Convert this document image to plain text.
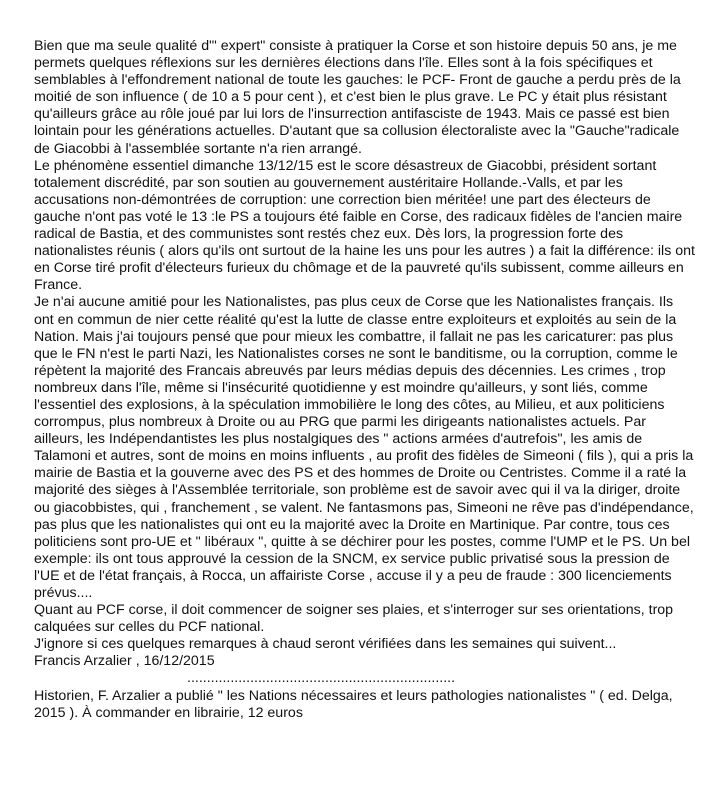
Bien que ma seule qualité d"' expert" consiste à pratiquer la Corse et son histoire depuis 50 ans, je me permets quelques réflexions sur les dernières élections dans l'île. Elles sont à la fois spécifiques et semblables à l'effondrement national de toute les gauches: le PCF- Front de gauche a perdu près de la moitié de son influence ( de 10 a 5 pour cent ), et c'est bien le plus grave. Le PC y était plus résistant qu'ailleurs grâce au rôle joué par lui lors de l'insurrection antifasciste de 1943. Mais ce passé est bien lointain pour les générations actuelles. D'autant que sa collusion électoraliste avec la "Gauche"radicale de Giacobbi à l'assemblée sortante n'a rien arrangé.

Le phénomène essentiel dimanche 13/12/15 est le score désastreux de Giacobbi, président sortant totalement discrédité, par son soutien au gouvernement austéritaire Hollande.-Valls, et par les accusations non-démontrées de corruption: une correction bien méritée! une part des électeurs de gauche n'ont pas voté le 13 :le PS a toujours été faible en Corse, des radicaux fidèles de l'ancien maire radical de Bastia, et des communistes sont restés chez eux. Dès lors, la progression forte des nationalistes réunis ( alors qu'ils ont surtout de la haine les uns pour les autres ) a fait la différence: ils ont en Corse tiré profit d'électeurs furieux du chômage et de la pauvreté qu'ils subissent, comme ailleurs en France.

Je n'ai aucune amitié pour les Nationalistes, pas plus ceux de Corse que les Nationalistes français. Ils ont en commun de nier cette réalité qu'est la lutte de classe entre exploiteurs et exploités au sein de la Nation. Mais j'ai toujours pensé que pour mieux les combattre, il fallait ne pas les caricaturer: pas plus que le FN n'est le parti Nazi, les Nationalistes corses ne sont le banditisme, ou la corruption, comme le répètent la majorité des Francais abreuvés par leurs médias depuis des décennies. Les crimes , trop nombreux dans l'île, même si l'insécurité quotidienne y est moindre qu'ailleurs, y sont liés, comme l'essentiel des explosions, à la spéculation immobilière le long des côtes, au Milieu, et aux politiciens corrompus, plus nombreux à Droite ou au PRG que parmi les dirigeants nationalistes actuels. Par ailleurs, les Indépendantistes les plus nostalgiques des " actions armées d'autrefois", les amis de Talamoni et autres, sont de moins en moins influents , au profit des fidèles de Simeoni ( fils ), qui a pris la mairie de Bastia et la gouverne avec des PS et des hommes de Droite ou Centristes. Comme il a raté la majorité des sièges à l'Assemblée territoriale, son problème est de savoir avec qui il va la diriger, droite ou giacobbistes, qui , franchement , se valent. Ne fantasmons pas, Simeoni ne rêve pas d'indépendance, pas plus que les nationalistes qui ont eu la majorité avec la Droite en Martinique. Par contre, tous ces politiciens sont pro-UE et " libéraux ", quitte à se déchirer pour les postes, comme l'UMP et le PS. Un bel exemple: ils ont tous approuvé la cession de la SNCM, ex service public privatisé sous la pression de l'UE et de l'état français, à Rocca, un affairiste Corse , accuse il y a peu de fraude : 300 licenciements prévus....

Quant au PCF corse, il doit commencer de soigner ses plaies, et s'interroger sur ses orientations, trop calquées sur celles du PCF national.

J'ignore si ces quelques remarques à chaud seront vérifiées dans les semaines qui suivent...

Francis Arzalier , 16/12/2015

....................................................................

Historien, F. Arzalier a publié " les Nations nécessaires et leurs pathologies nationalistes " ( ed. Delga, 2015 ). À commander en librairie, 12 euros
